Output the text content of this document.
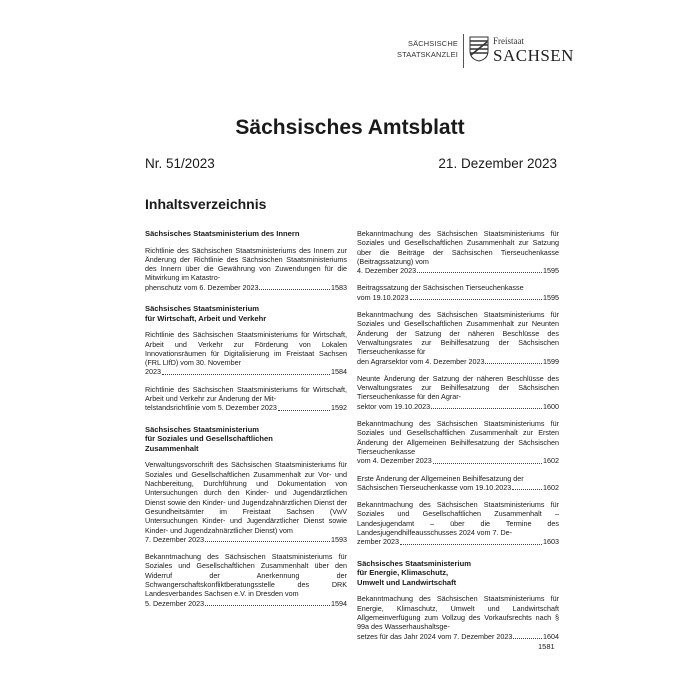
SÄCHSISCHE
STAATSKANZLEI
Freistaat
SACHSEN
Sächsisches Amtsblatt
Nr. 51/2023	21. Dezember 2023
Inhaltsverzeichnis
Sächsisches Staatsministerium des Innern
Richtlinie des Sächsischen Staatsministeriums des Innern zur Änderung der Richtlinie des Sächsischen Staatsministeriums des Innern über die Gewährung von Zuwendungen für die Mitwirkung im Katastro-
phenschutz vom 6. Dezember 2023	1583
Sächsisches Staatsministerium
für Wirtschaft, Arbeit und Verkehr
Richtlinie des Sächsischen Staatsministeriums für Wirtschaft, Arbeit und Verkehr zur Förderung von Lokalen Innovationsräumen für Digitalisierung im Freistaat Sachsen (FRL LIfD) vom 30. November
2023	1584
Richtlinie des Sächsischen Staatsministeriums für Wirtschaft, Arbeit und Verkehr zur Änderung der Mit-
telstandsrichtlinie vom 5. Dezember 2023	1592
Sächsisches Staatsministerium
für Soziales und Gesellschaftlichen
Zusammenhalt
Verwaltungsvorschrift des Sächsischen Staatsministeriums für Soziales und Gesellschaftlichen Zusammenhalt zur Vor- und Nachbereitung, Durchführung und Dokumentation von Untersuchungen durch den Kinder- und Jugendärztlichen Dienst sowie den Kinder- und Jugendzahnärztlichen Dienst der Gesundheitsämter im Freistaat Sachsen (VwV Untersuchungen Kinder- und Jugendärztlicher Dienst sowie Kinder- und Jugendzahnärztlicher Dienst) vom
7. Dezember 2023	1593
Bekanntmachung des Sächsischen Staatsministeriums für Soziales und Gesellschaftlichen Zusammenhalt über den Widerruf der Anerkennung der Schwangerschaftskonfliktberatungsstelle des DRK Landesverbandes Sachsen e.V. in Dresden vom
5. Dezember 2023	1594
Bekanntmachung des Sächsischen Staatsministeriums für Soziales und Gesellschaftlichen Zusammenhalt zur Satzung über die Beiträge der Sächsischen Tierseuchenkasse (Beitragssatzung) vom
4. Dezember 2023	1595
Beitragssatzung der Sächsischen Tierseuchenkasse
vom 19.10.2023	1595
Bekanntmachung des Sächsischen Staatsministeriums für Soziales und Gesellschaftlichen Zusammenhalt zur Neunten Änderung der Satzung der näheren Beschlüsse des Verwaltungsrates zur Beihilfesatzung der Sächsischen Tierseuchenkasse für
den Agrarsektor vom 4. Dezember 2023	1599
Neunte Änderung der Satzung der näheren Beschlüsse des Verwaltungsrates zur Beihilfesatzung der Sächsischen Tierseuchenkasse für den Agrar-
sektor vom 19.10.2023	1600
Bekanntmachung des Sächsischen Staatsministeriums für Soziales und Gesellschaftlichen Zusammenhalt zur Ersten Änderung der Allgemeinen Beihilfesatzung der Sächsischen Tierseuchenkasse
vom 4. Dezember 2023	1602
Erste Änderung der Allgemeinen Beihilfesatzung der
Sächsischen Tierseuchenkasse vom 19.10.2023	1602
Bekanntmachung des Sächsischen Staatsministeriums für Soziales und Gesellschaftlichen Zusammenhalt – Landesjugendamt – über die Termine des Landesjugendhilfeausschusses 2024 vom 7. De-
zember 2023	1603
Sächsisches Staatsministerium
für Energie, Klimaschutz,
Umwelt und Landwirtschaft
Bekanntmachung des Sächsischen Staatsministeriums für Energie, Klimaschutz, Umwelt und Landwirtschaft Allgemeinverfügung zum Vollzug des Vorkaufsrechts nach § 99a des Wasserhaushaltsge-
setzes für das Jahr 2024 vom 7. Dezember 2023	1604
1581
